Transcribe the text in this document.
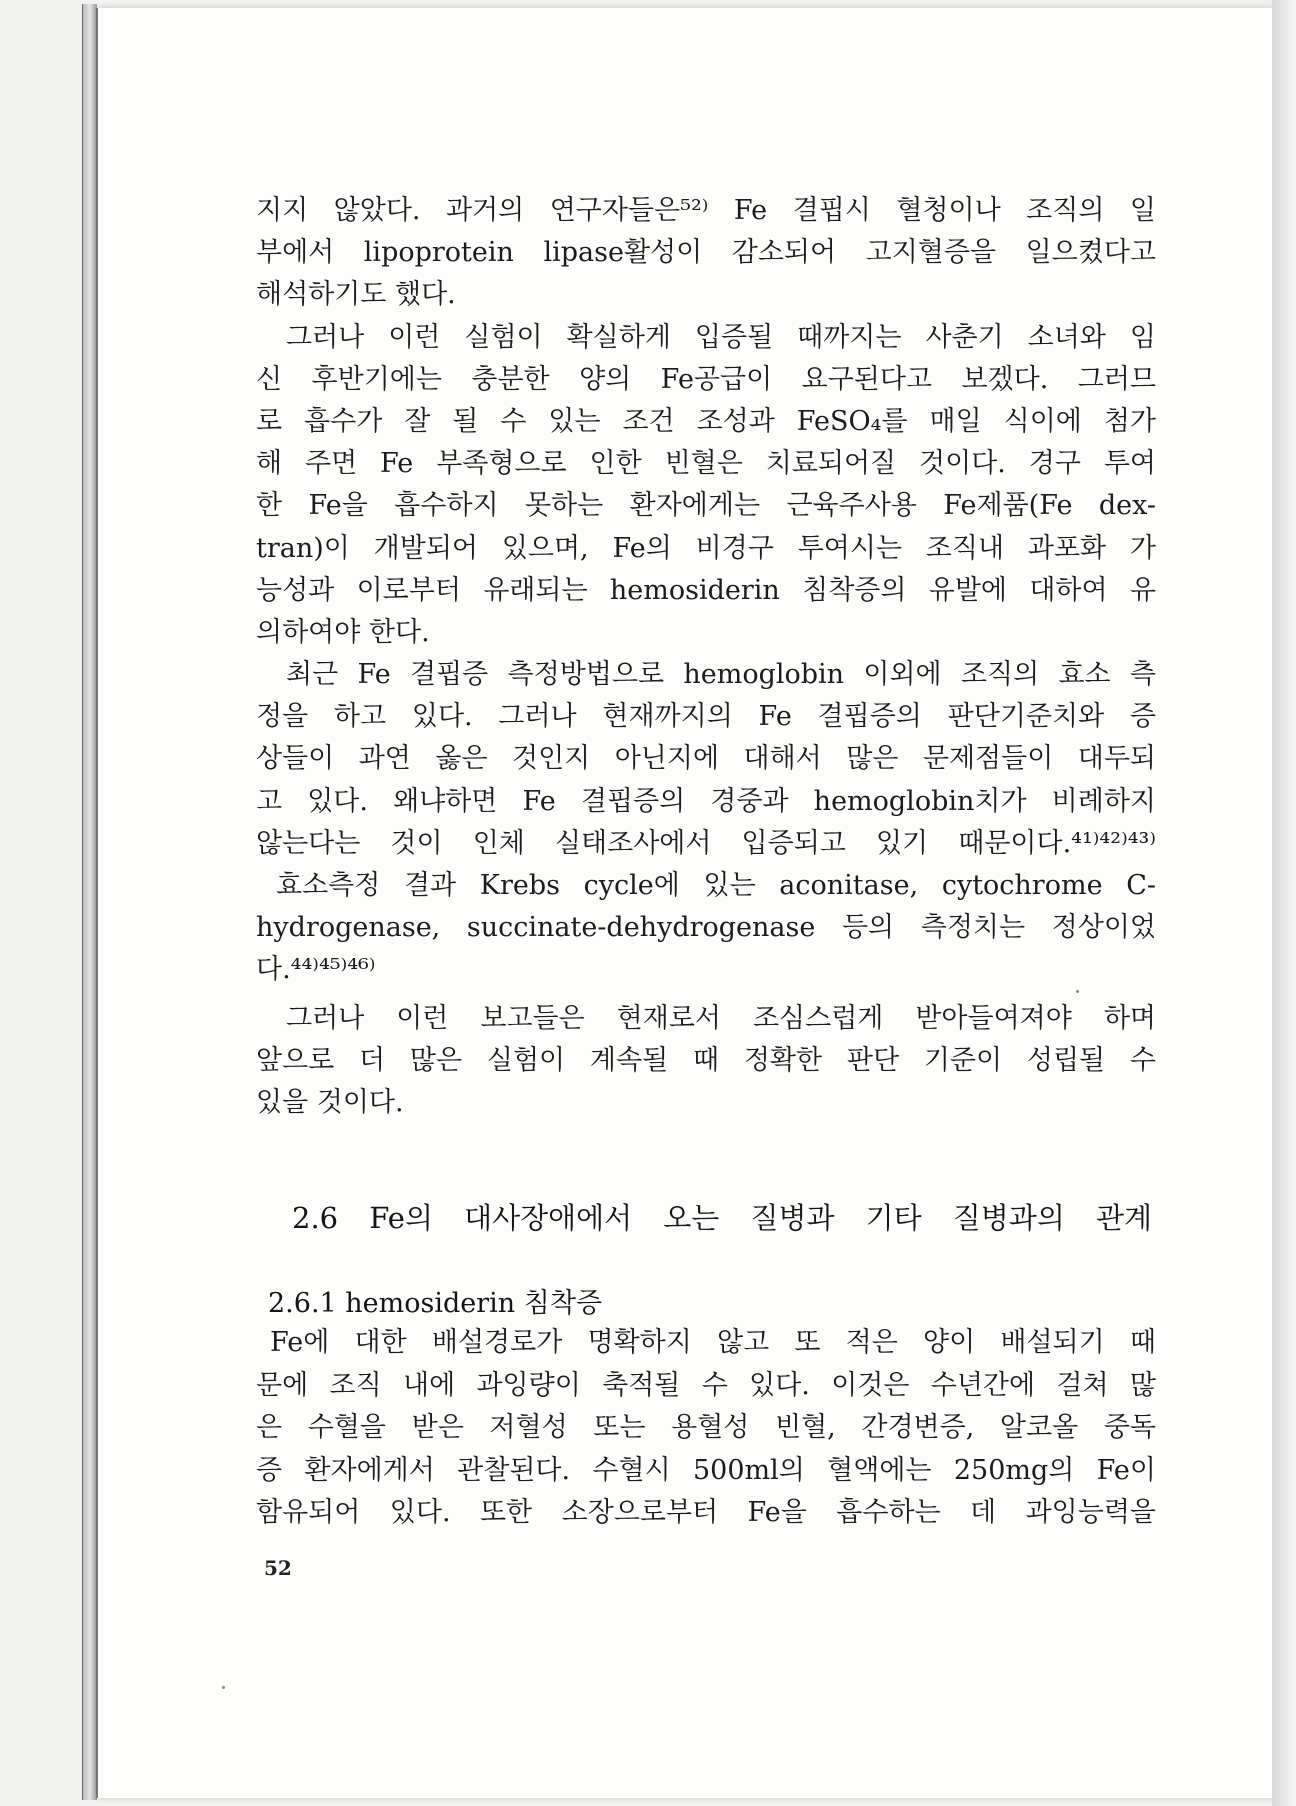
지지 않았다. 과거의 연구자들은⁵²⁾ Fe 결핍시 혈청이나 조직의 일
부에서 lipoprotein lipase활성이 감소되어 고지혈증을 일으켰다고
해석하기도 했다.
그러나 이런 실험이 확실하게 입증될 때까지는 사춘기 소녀와 임
신 후반기에는 충분한 양의 Fe공급이 요구된다고 보겠다. 그러므
로 흡수가 잘 될 수 있는 조건 조성과 FeSO₄를 매일 식이에 첨가
해 주면 Fe 부족형으로 인한 빈혈은 치료되어질 것이다. 경구 투여
한 Fe을 흡수하지 못하는 환자에게는 근육주사용 Fe제품(Fe dex-
tran)이 개발되어 있으며, Fe의 비경구 투여시는 조직내 과포화 가
능성과 이로부터 유래되는 hemosiderin 침착증의 유발에 대하여 유
의하여야 한다.
최근 Fe 결핍증 측정방법으로 hemoglobin 이외에 조직의 효소 측
정을 하고 있다. 그러나 현재까지의 Fe 결핍증의 판단기준치와 증
상들이 과연 옳은 것인지 아닌지에 대해서 많은 문제점들이 대두되
고 있다. 왜냐하면 Fe 결핍증의 경중과 hemoglobin치가 비례하지
않는다는 것이 인체 실태조사에서 입증되고 있기 때문이다.⁴¹⁾⁴²⁾⁴³⁾
효소측정 결과 Krebs cycle에 있는 aconitase, cytochrome C-
hydrogenase, succinate-dehydrogenase 등의 측정치는 정상이었
다.⁴⁴⁾⁴⁵⁾⁴⁶⁾
그러나 이런 보고들은 현재로서 조심스럽게 받아들여져야 하며
앞으로 더 많은 실험이 계속될 때 정확한 판단 기준이 성립될 수
있을 것이다.
2.6 Fe의 대사장애에서 오는 질병과 기타 질병과의 관계
2.6.1 hemosiderin 침착증
Fe에 대한 배설경로가 명확하지 않고 또 적은 양이 배설되기 때
문에 조직 내에 과잉량이 축적될 수 있다. 이것은 수년간에 걸쳐 많
은 수혈을 받은 저혈성 또는 용혈성 빈혈, 간경변증, 알코올 중독
증 환자에게서 관찰된다. 수혈시 500ml의 혈액에는 250mg의 Fe이
함유되어 있다. 또한 소장으로부터 Fe을 흡수하는 데 과잉능력을
52
